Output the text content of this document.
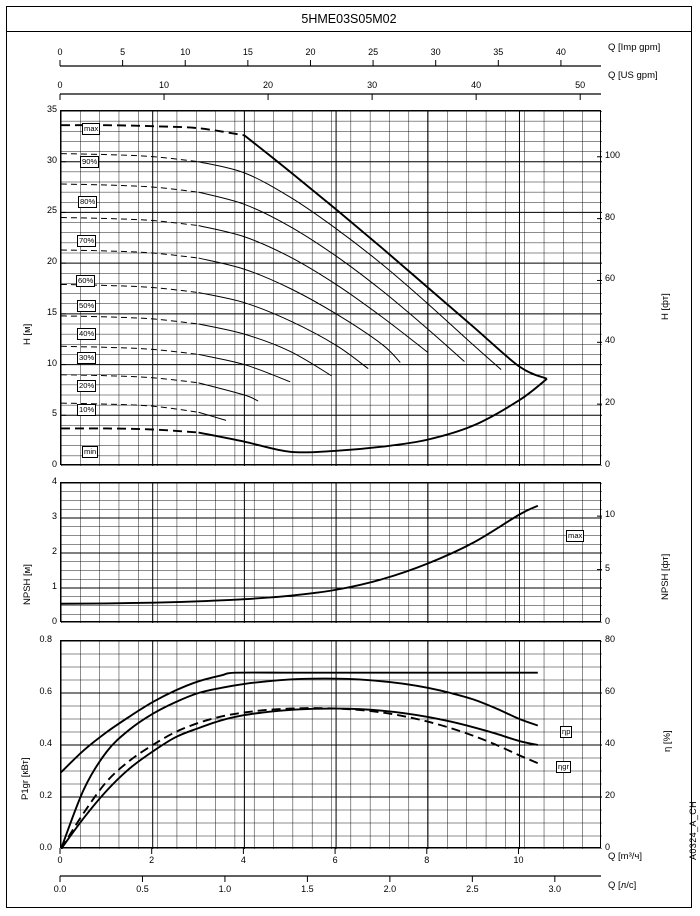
5HME03S05M02
A0324_A_CH
0	5	10	15	20	25	30	35	40
0	10	20	30	40	50
Q [Imp gpm]
Q [US gpm]
0	2	4	6	8	10	Q [m³/ч]
0.0	0.5	1.0	1.5	2.0	2.5	3.0	Q [л/c]
max
90%
80%
70%
60%
50%
40%
30%
20%
10%
min
max
ηp
ηgr
0
5
10
15
20
25
30
35
0
20
40
60
80
100
H [м]
H [фт]
0
1
2
3
4
0
5
10
NPSH [м]	NPSH [фт]
0.0
0.2
0.4
0.6
0.8
0
20
40
60
80
P1gr [кВт]
η [%]
